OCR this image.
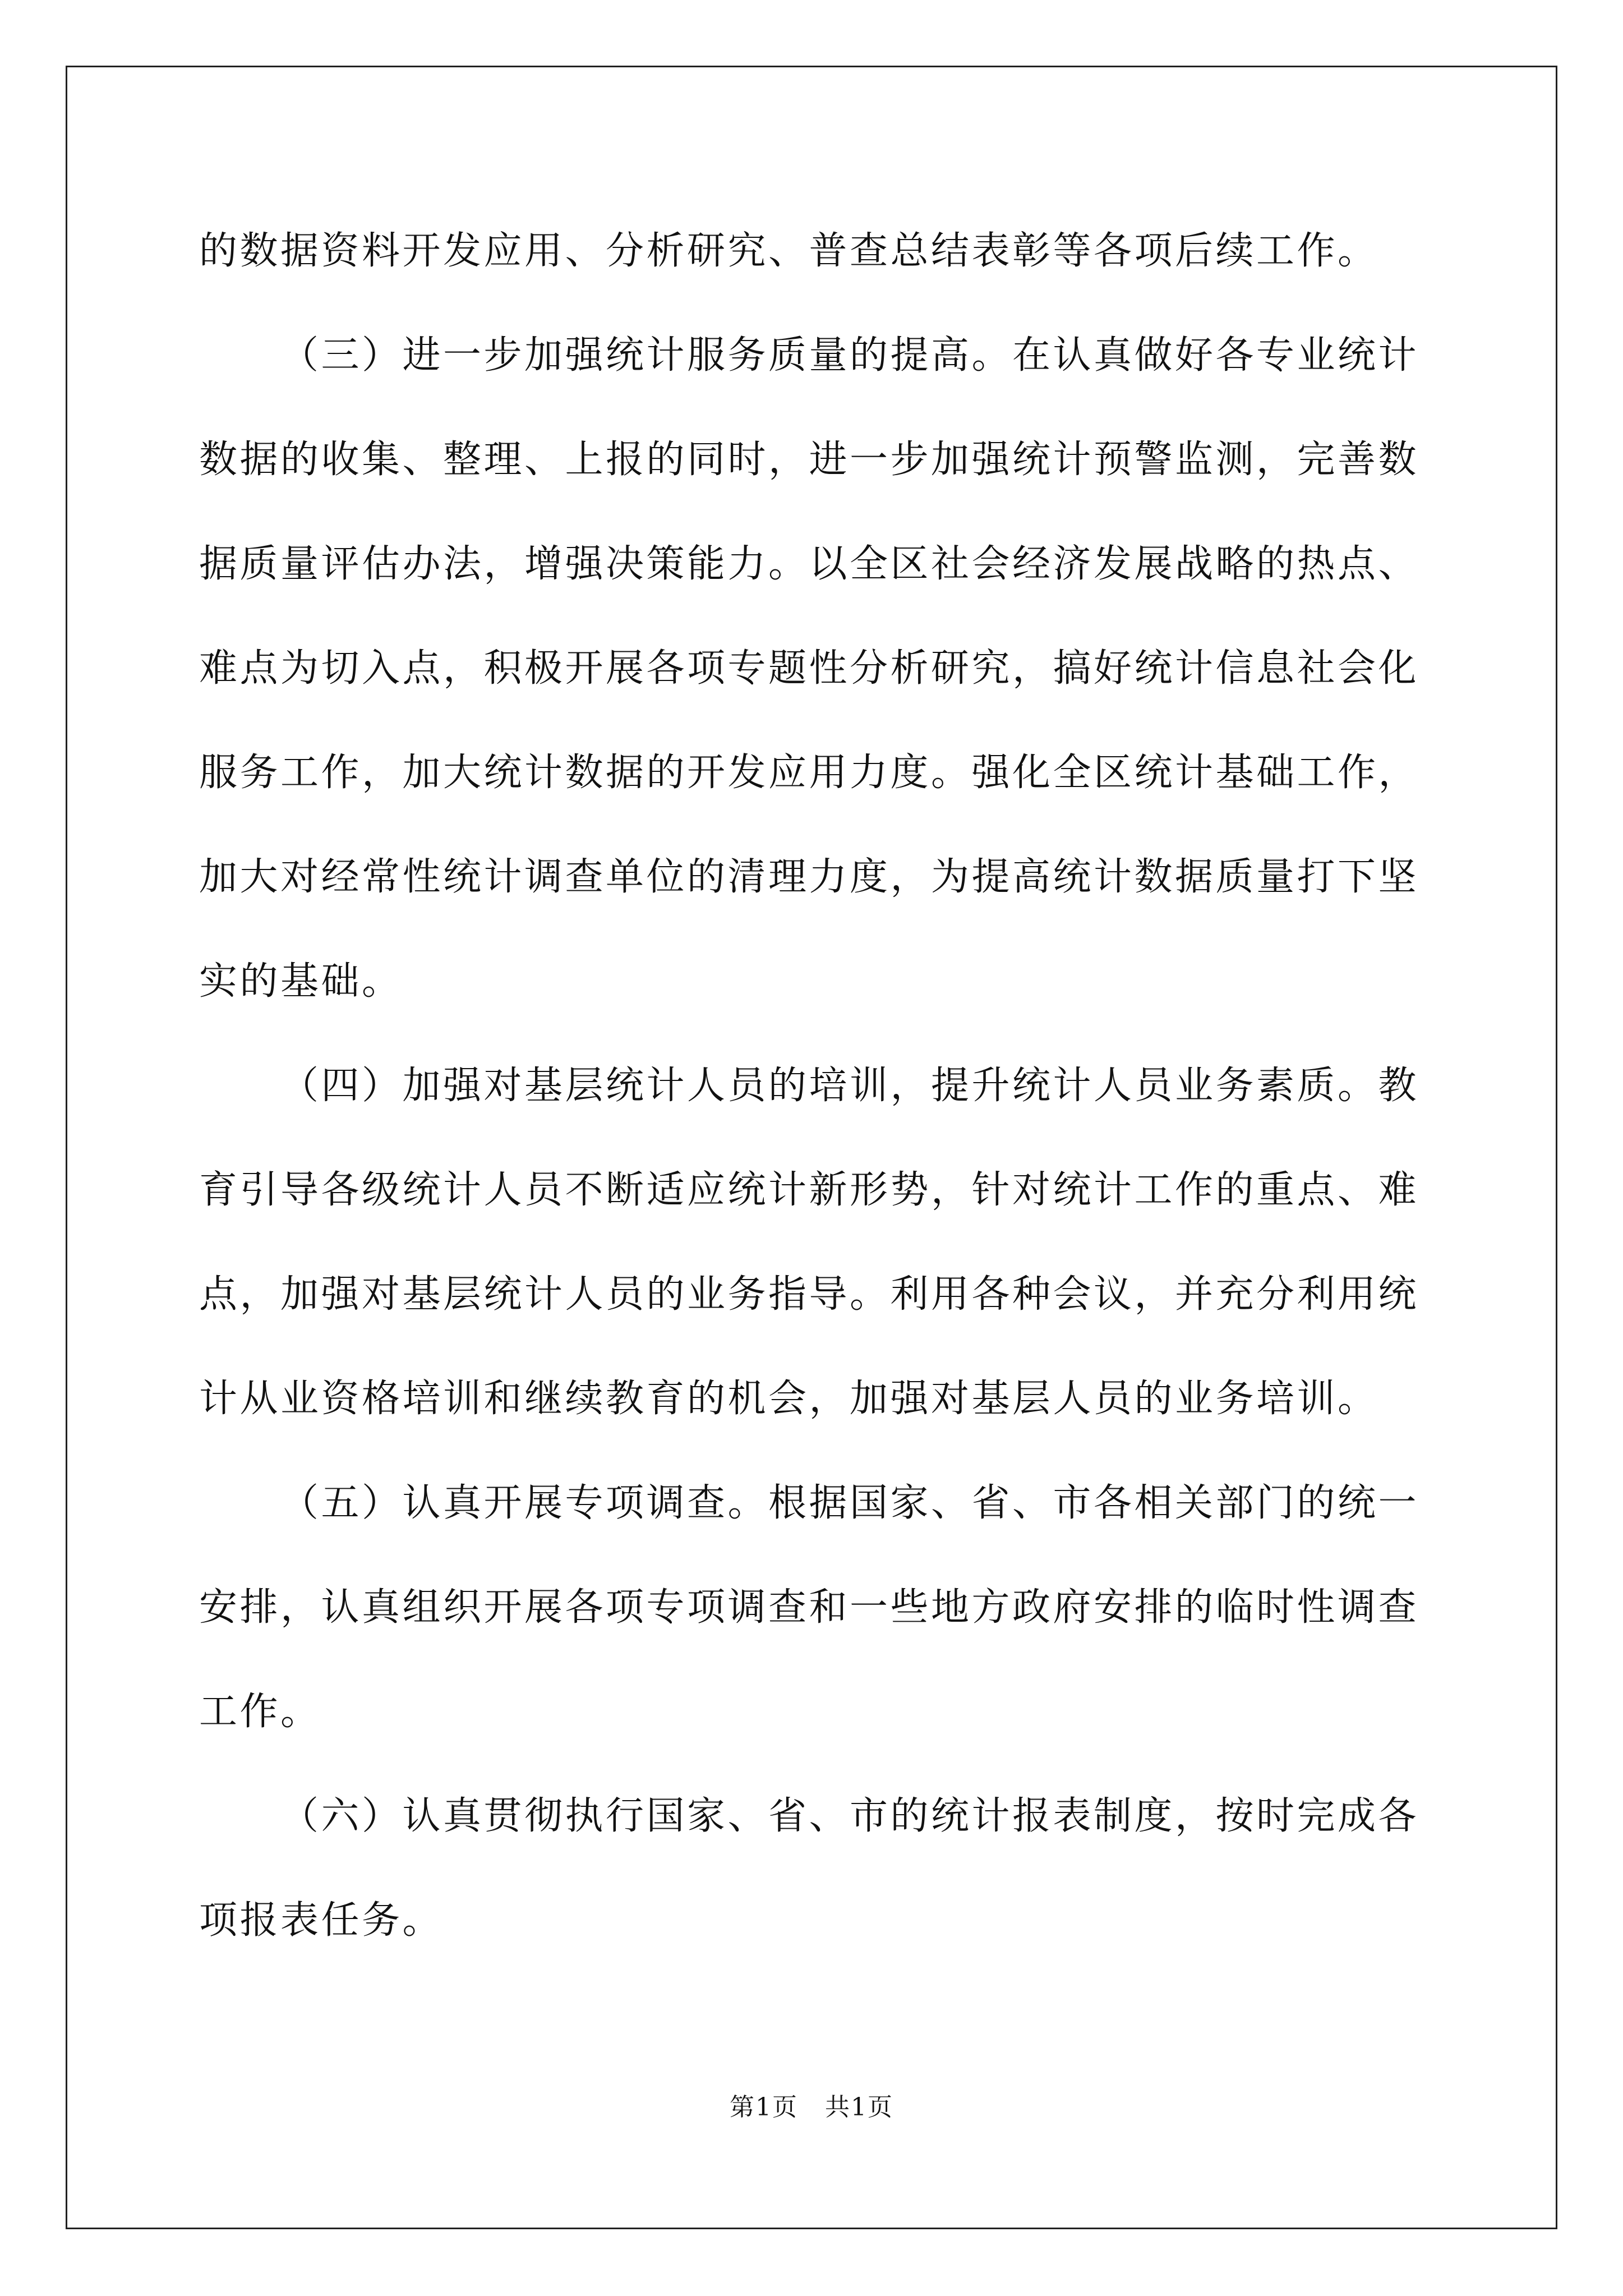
的数据资料开发应用、分析研究、普查总结表彰等各项后续工作。
（三）进一步加强统计服务质量的提高。在认真做好各专业统计
数据的收集、整理、上报的同时，进一步加强统计预警监测，完善数
据质量评估办法，增强决策能力。以全区社会经济发展战略的热点、
难点为切入点，积极开展各项专题性分析研究，搞好统计信息社会化
服务工作，加大统计数据的开发应用力度。强化全区统计基础工作，
加大对经常性统计调查单位的清理力度，为提高统计数据质量打下坚
实的基础。
（四）加强对基层统计人员的培训，提升统计人员业务素质。教
育引导各级统计人员不断适应统计新形势，针对统计工作的重点、难
点，加强对基层统计人员的业务指导。利用各种会议，并充分利用统
计从业资格培训和继续教育的机会，加强对基层人员的业务培训。
（五）认真开展专项调查。根据国家、省、市各相关部门的统一
安排，认真组织开展各项专项调查和一些地方政府安排的临时性调查
工作。
（六）认真贯彻执行国家、省、市的统计报表制度，按时完成各
项报表任务。
第1页   共1页
